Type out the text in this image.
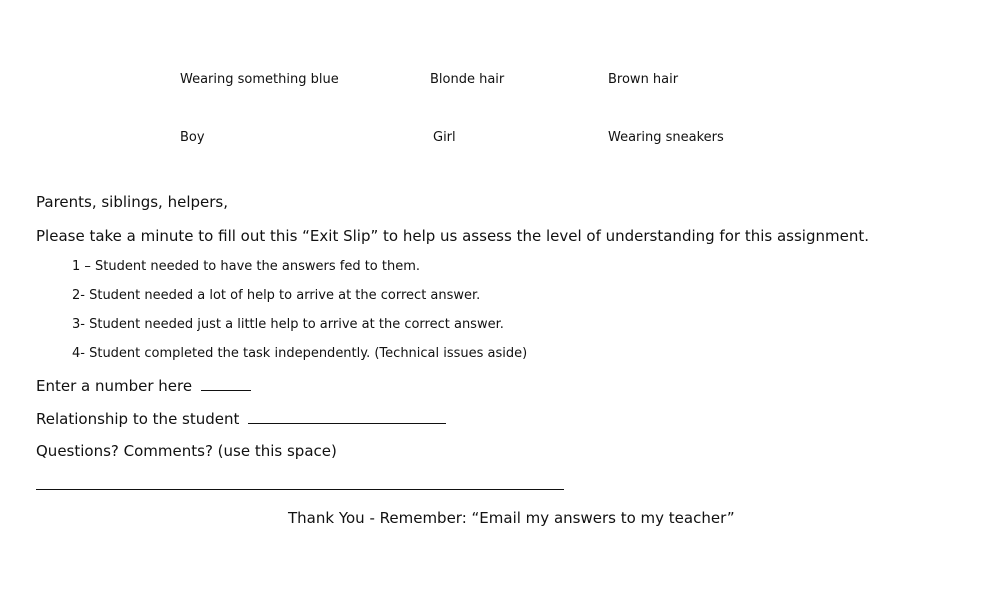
Wearing something blue	Blonde hair	Brown hair
Boy	Girl	Wearing sneakers
Parents, siblings, helpers,
Please take a minute to fill out this “Exit Slip” to help us assess the level of understanding for this assignment.
1 – Student needed to have the answers fed to them.
2- Student needed a lot of help to arrive at the correct answer.
3- Student needed just a little help to arrive at the correct answer.
4- Student completed the task independently. (Technical issues aside)
Enter a number here
Relationship to the student
Questions? Comments? (use this space)
Thank You - Remember: “Email my answers to my teacher”
